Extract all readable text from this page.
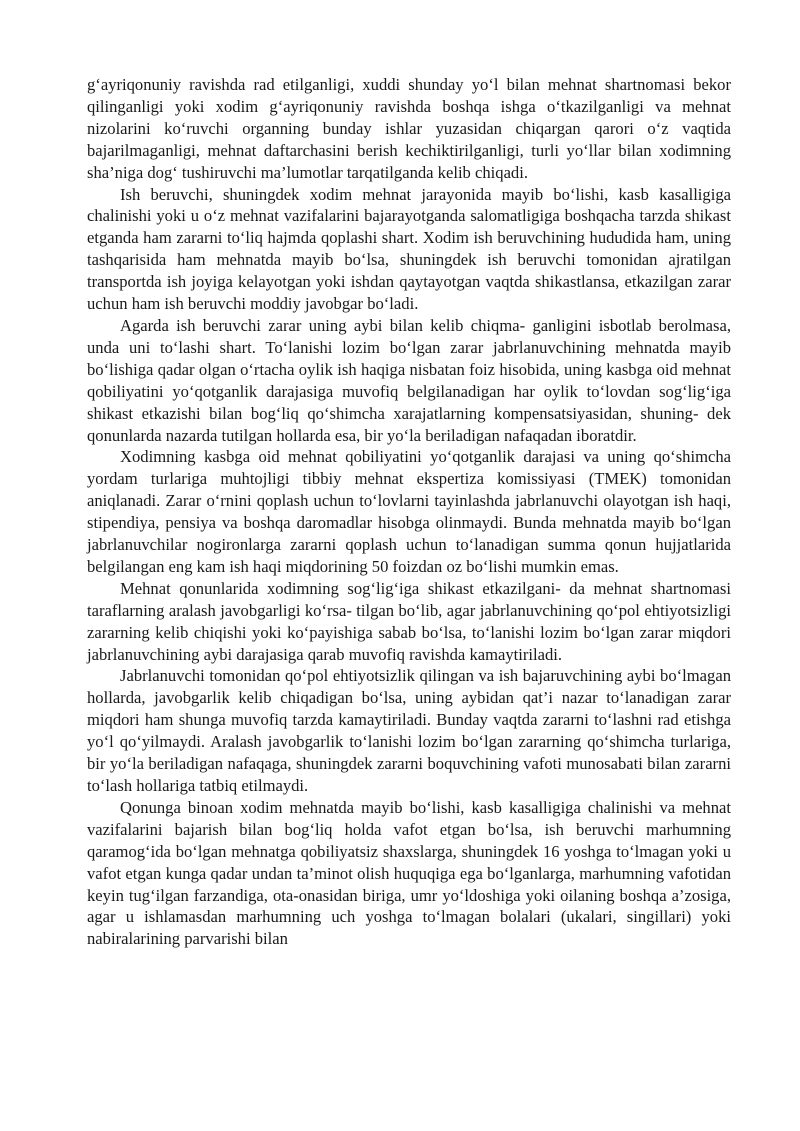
g‘ayriqonuniy ravishda rad etilganligi, xuddi shunday yo‘l bilan mehnat shartnomasi bekor qilinganligi yoki xodim g‘ayriqonuniy ravishda boshqa ishga o‘tkazilganligi va mehnat nizolarini ko‘ruvchi organning bunday ishlar yuzasidan chiqargan qarori o‘z vaqtida bajarilmaganligi, mehnat daftarchasini berish kechiktirilganligi, turli yo‘llar bilan xodimning sha’niga dog‘ tushiruvchi ma’lumotlar tarqatilganda kelib chiqadi.

Ish beruvchi, shuningdek xodim mehnat jarayonida mayib bo‘lishi, kasb kasalligiga chalinishi yoki u o‘z mehnat vazifalarini bajarayotganda salomatligiga boshqacha tarzda shikast etganda ham zararni to‘liq hajmda qoplashi shart. Xodim ish beruvchining hududida ham, uning tashqarisida ham mehnatda mayib bo‘lsa, shuningdek ish beruvchi tomonidan ajratilgan transportda ish joyiga kelayotgan yoki ishdan qaytayotgan vaqtda shikastlansa, etkazilgan zarar uchun ham ish beruvchi moddiy javobgar bo‘ladi.

Agarda ish beruvchi zarar uning aybi bilan kelib chiqma- ganligini isbotlab berolmasa, unda uni to‘lashi shart. To‘lanishi lozim bo‘lgan zarar jabrlanuvchining mehnatda mayib bo‘lishiga qadar olgan o‘rtacha oylik ish haqiga nisbatan foiz hisobida, uning kasbga oid mehnat qobiliyatini yo‘qotganlik darajasiga muvofiq belgilanadigan har oylik to‘lovdan sog‘lig‘iga shikast etkazishi bilan bog‘liq qo‘shimcha xarajatlarning kompensatsiyasidan, shuning- dek qonunlarda nazarda tutilgan hollarda esa, bir yo‘la beriladigan nafaqadan iboratdir.

Xodimning kasbga oid mehnat qobiliyatini yo‘qotganlik darajasi va uning qo‘shimcha yordam turlariga muhtojligi tibbiy mehnat ekspertiza komissiyasi (TMEK) tomonidan aniqlanadi. Zarar o‘rnini qoplash uchun to‘lovlarni tayinlashda jabrlanuvchi olayotgan ish haqi, stipendiya, pensiya va boshqa daromadlar hisobga olinmaydi. Bunda mehnatda mayib bo‘lgan jabrlanuvchilar nogironlarga zararni qoplash uchun to‘lanadigan summa qonun hujjatlarida belgilangan eng kam ish haqi miqdorining 50 foizdan oz bo‘lishi mumkin emas.

Mehnat qonunlarida xodimning sog‘lig‘iga shikast etkazilgani- da mehnat shartnomasi taraflarning aralash javobgarligi ko‘rsa- tilgan bo‘lib, agar jabrlanuvchining qo‘pol ehtiyotsizligi zararning kelib chiqishi yoki ko‘payishiga sabab bo‘lsa, to‘lanishi lozim bo‘lgan zarar miqdori jabrlanuvchining aybi darajasiga qarab muvofiq ravishda kamaytiriladi.

Jabrlanuvchi tomonidan qo‘pol ehtiyotsizlik qilingan va ish bajaruvchining aybi bo‘lmagan hollarda, javobgarlik kelib chiqadigan bo‘lsa, uning aybidan qat’i nazar to‘lanadigan zarar miqdori ham shunga muvofiq tarzda kamaytiriladi. Bunday vaqtda zararni to‘lashni rad etishga yo‘l qo‘yilmaydi. Aralash javobgarlik to‘lanishi lozim bo‘lgan zararning qo‘shimcha turlariga, bir yo‘la beriladigan nafaqaga, shuningdek zararni boquvchining vafoti munosabati bilan zararni to‘lash hollariga tatbiq etilmaydi.

Qonunga binoan xodim mehnatda mayib bo‘lishi, kasb kasalligiga chalinishi va mehnat vazifalarini bajarish bilan bog‘liq holda vafot etgan bo‘lsa, ish beruvchi marhumning qaramog‘ida bo‘lgan mehnatga qobiliyatsiz shaxslarga, shuningdek 16 yoshga to‘lmagan yoki u vafot etgan kunga qadar undan ta’minot olish huquqiga ega bo‘lganlarga, marhumning vafotidan keyin tug‘ilgan farzandiga, ota-onasidan biriga, umr yo‘ldoshiga yoki oilaning boshqa a’zosiga, agar u ishlamasdan marhumning uch yoshga to‘lmagan bolalari (ukalari, singillari) yoki nabiralarining parvarishi bilan
